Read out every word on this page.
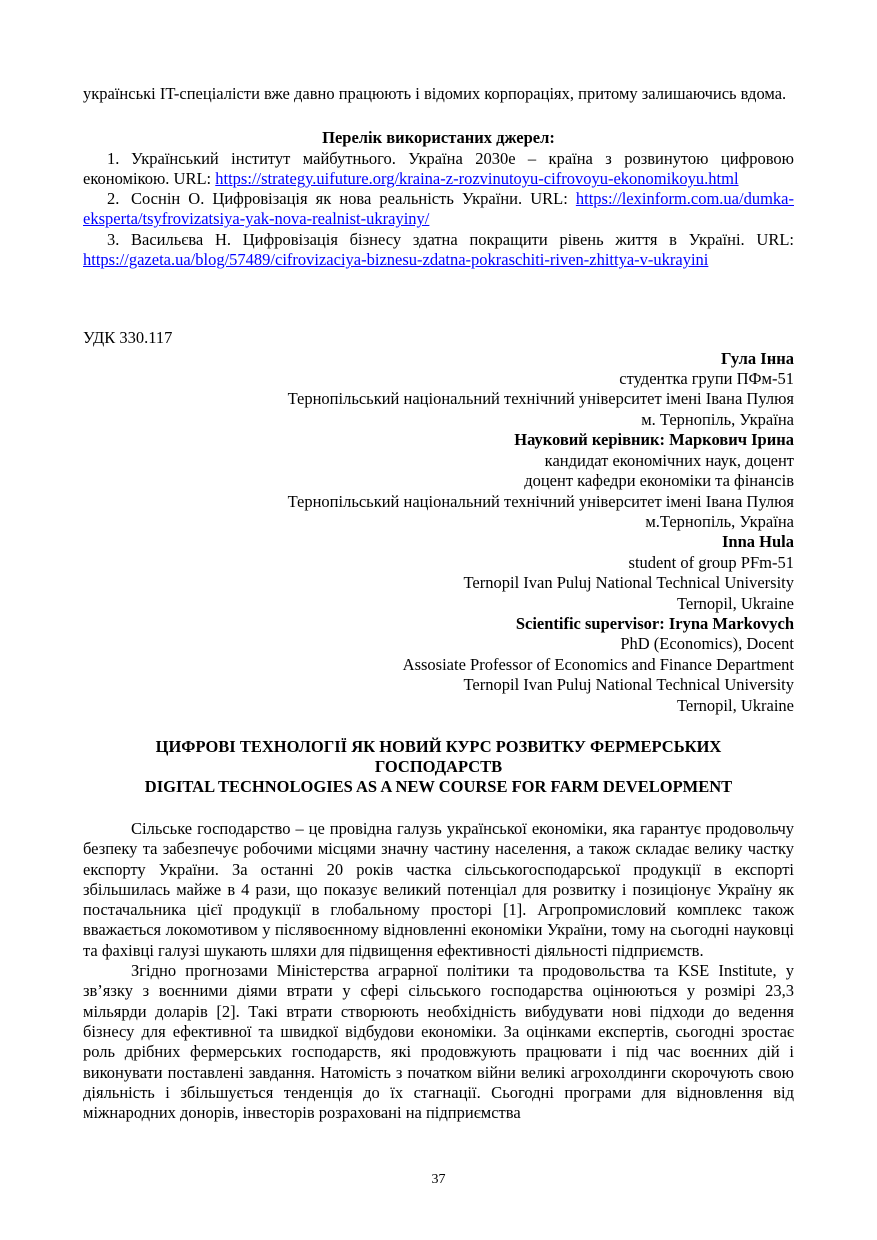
українські IT-спеціалісти вже давно працюють і відомих корпораціях, притому залишаючись вдома.

Перелік використаних джерел:

1. Український інститут майбутнього. Україна 2030е – країна з розвинутою цифровою економікою. URL: https://strategy.uifuture.org/kraina-z-rozvinutoyu-cifrovoyu-ekonomikoyu.html

2. Соснін О. Цифровізація як нова реальність України. URL: https://lexinform.com.ua/dumka-eksperta/tsyfrovizatsiya-yak-nova-realnist-ukrayiny/

3. Васильєва Н. Цифровізація бізнесу здатна покращити рівень життя в Україні. URL: https://gazeta.ua/blog/57489/cifrovizaciya-biznesu-zdatna-pokraschiti-riven-zhittya-v-ukrayini

УДК 330.117

Гула Інна

студентка групи ПФм-51

Тернопільський національний технічний університет імені Івана Пулюя

м. Тернопіль, Україна

Науковий керівник: Маркович Ірина

кандидат економічних наук, доцент

доцент кафедри економіки та фінансів

Тернопільський національний технічний університет імені Івана Пулюя

м.Тернопіль, Україна

Inna Hula

student of group PFm-51

Ternopil Ivan Puluj National Technical University

Ternopil, Ukraine

Scientific supervisor: Iryna Markovych

PhD (Economics), Docent

Assosiate Professor of Economics and Finance Department

Ternopil Ivan Puluj National Technical University

Ternopil, Ukraine

ЦИФРОВІ ТЕХНОЛОГІЇ ЯК НОВИЙ КУРС РОЗВИТКУ ФЕРМЕРСЬКИХ

ГОСПОДАРСТВ

DIGITAL TECHNOLOGIES AS A NEW COURSE FOR FARM DEVELOPMENT

Сільське господарство – це провідна галузь української економіки, яка гарантує продовольчу безпеку та забезпечує робочими місцями значну частину населення, а також складає велику частку експорту України. За останні 20 років частка сільськогосподарської продукції в експорті збільшилась майже в 4 рази, що показує великий потенціал для розвитку і позиціонує Україну як постачальника цієї продукції в глобальному просторі [1]. Агропромисловий комплекс також вважається локомотивом у післявоєнному відновленні економіки України, тому на сьогодні науковці та фахівці галузі шукають шляхи для підвищення ефективності діяльності підприємств.

Згідно прогнозами Міністерства аграрної політики та продовольства та KSE Institute, у зв’язку з воєнними діями втрати у сфері сільського господарства оцінюються у розмірі 23,3 мільярди доларів [2]. Такі втрати створюють необхідність вибудувати нові підходи до ведення бізнесу для ефективної та швидкої відбудови економіки. За оцінками експертів, сьогодні зростає роль дрібних фермерських господарств, які продовжують працювати і під час воєнних дій і виконувати поставлені завдання. Натомість з початком війни великі агрохолдинги скорочують свою діяльність і збільшується тенденція до їх стагнації. Сьогодні програми для відновлення від міжнародних донорів, інвесторів розраховані на підприємства

37
